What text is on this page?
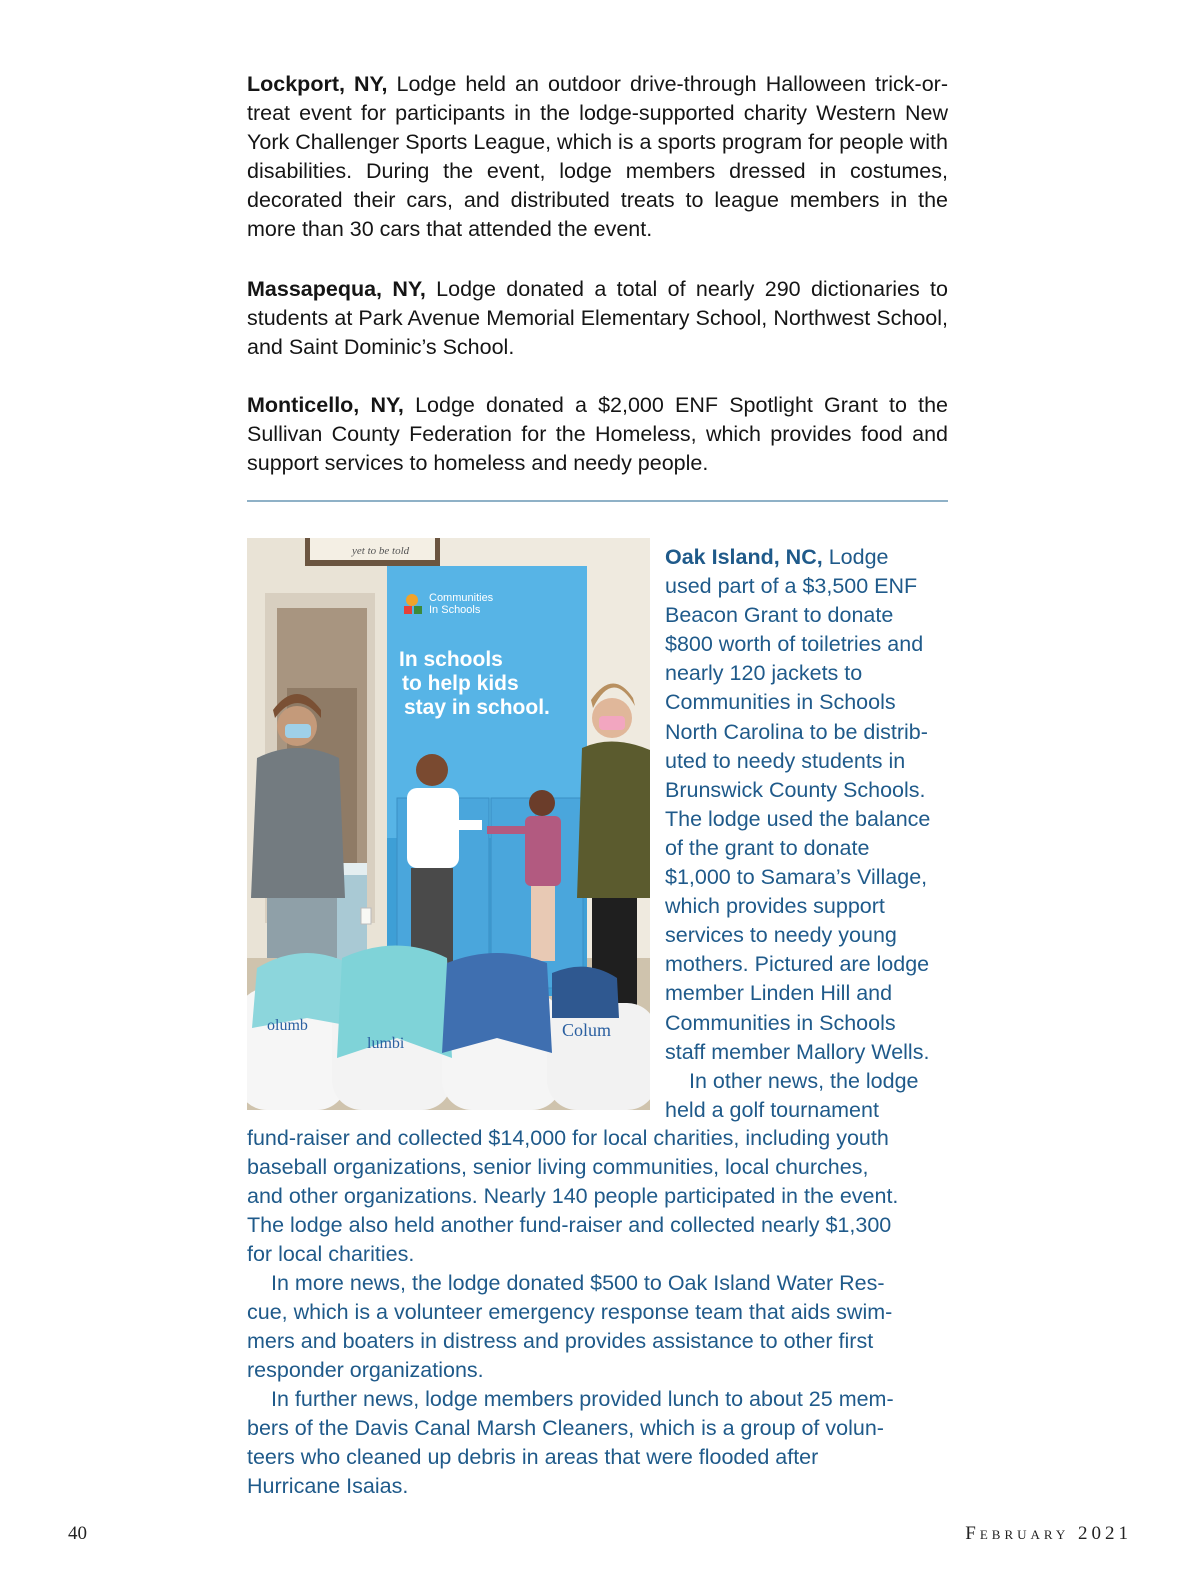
Lockport, NY, Lodge held an outdoor drive-through Halloween trick-or-treat event for participants in the lodge-supported charity Western New York Challenger Sports League, which is a sports program for people with disabilities. During the event, lodge members dressed in costumes, decorated their cars, and distributed treats to league members in the more than 30 cars that attended the event.

Massapequa, NY, Lodge donated a total of nearly 290 dictionaries to students at Park Avenue Memorial Elementary School, Northwest School, and Saint Dominic’s School.

Monticello, NY, Lodge donated a $2,000 ENF Spotlight Grant to the Sullivan County Federation for the Homeless, which provides food and support services to homeless and needy people.

yet to be told
Communities
In Schools
In schools
to help kids
stay in school.
olumb
lumbi
Colum
Oak Island, NC, Lodge
used part of a $3,500 ENF
Beacon Grant to donate
$800 worth of toiletries and
nearly 120 jackets to
Communities in Schools
North Carolina to be distrib-
uted to needy students in
Brunswick County Schools.
The lodge used the balance
of the grant to donate
$1,000 to Samara’s Village,
which provides support
services to needy young
mothers. Pictured are lodge
member Linden Hill and
Communities in Schools
staff member Mallory Wells.
In other news, the lodge
held a golf tournament
fund-raiser and collected $14,000 for local charities, including youth
baseball organizations, senior living communities, local churches,
and other organizations. Nearly 140 people participated in the event.
The lodge also held another fund-raiser and collected nearly $1,300
for local charities.
In more news, the lodge donated $500 to Oak Island Water Res-
cue, which is a volunteer emergency response team that aids swim-
mers and boaters in distress and provides assistance to other first
responder organizations.
In further news, lodge members provided lunch to about 25 mem-
bers of the Davis Canal Marsh Cleaners, which is a group of volun-
teers who cleaned up debris in areas that were flooded after
Hurricane Isaias.
40	February 2021
